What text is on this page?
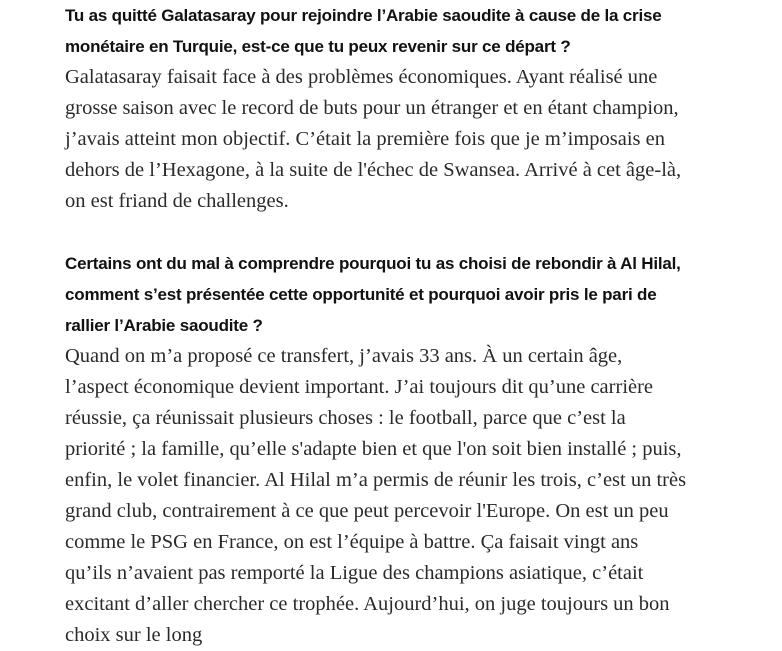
Tu as quitté Galatasaray pour rejoindre l’Arabie saoudite à cause de la crise monétaire en Turquie, est-ce que tu peux revenir sur ce départ ?

Galatasaray faisait face à des problèmes économiques. Ayant réalisé une grosse saison avec le record de buts pour un étranger et en étant champion, j’avais atteint mon objectif. C’était la première fois que je m’imposais en dehors de l’Hexagone, à la suite de l'échec de Swansea. Arrivé à cet âge-là, on est friand de challenges.

Certains ont du mal à comprendre pourquoi tu as choisi de rebondir à Al Hilal, comment s’est présentée cette opportunité et pourquoi avoir pris le pari de rallier l’Arabie saoudite ?

Quand on m’a proposé ce transfert, j’avais 33 ans. À un certain âge, l’aspect économique devient important. J’ai toujours dit qu’une carrière réussie, ça réunissait plusieurs choses : le football, parce que c’est la priorité ; la famille, qu’elle s'adapte bien et que l'on soit bien installé ; puis, enfin, le volet financier. Al Hilal m’a permis de réunir les trois, c’est un très grand club, contrairement à ce que peut percevoir l'Europe. On est un peu comme le PSG en France, on est l’équipe à battre. Ça faisait vingt ans qu’ils n’avaient pas remporté la Ligue des champions asiatique, c’était excitant d’aller chercher ce trophée. Aujourd’hui, on juge toujours un bon choix sur le long
